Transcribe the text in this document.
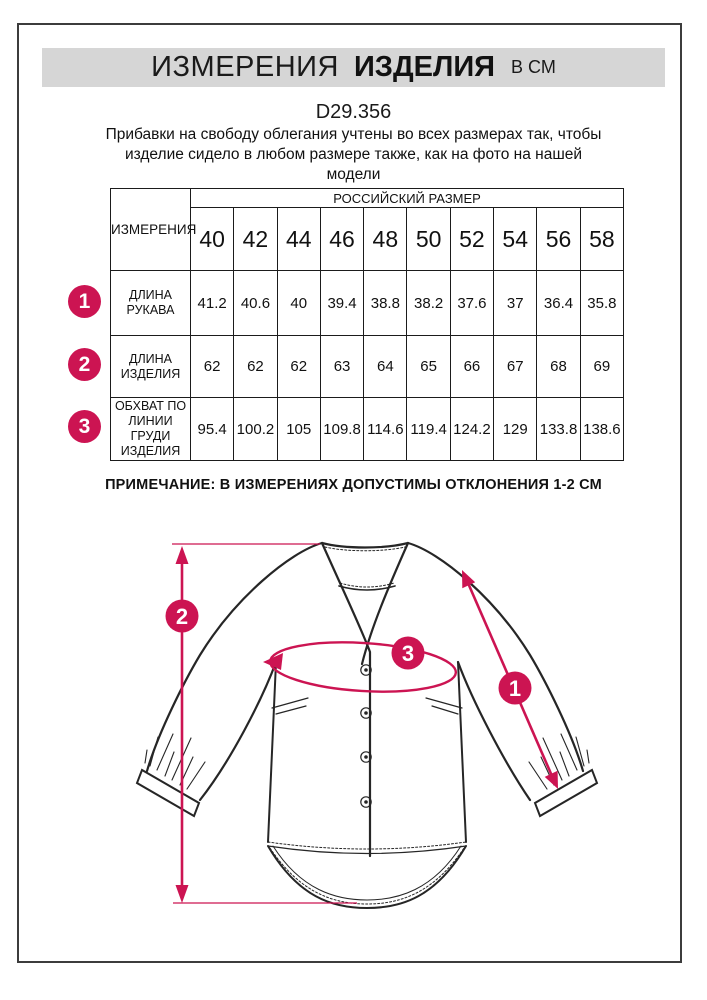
ИЗМЕРЕНИЯ ИЗДЕЛИЯ В СМ
D29.356
Прибавки на свободу облегания учтены во всех размерах так, чтобы
изделие сидело в любом размере также, как на фото на нашей
модели
ИЗМЕРЕНИЯ	РОССИЙСКИЙ РАЗМЕР									
	40	42	44	46	48	50	52	54	56	58
ДЛИНА РУКАВА	41.2	40.6	40	39.4	38.8	38.2	37.6	37	36.4	35.8
ДЛИНА ИЗДЕЛИЯ	62	62	62	63	64	65	66	67	68	69
ОБХВАТ ПО ЛИНИИ ГРУДИ ИЗДЕЛИЯ	95.4	100.2	105	109.8	114.6	119.4	124.2	129	133.8	138.6
1
2
3
ПРИМЕЧАНИЕ: В ИЗМЕРЕНИЯХ ДОПУСТИМЫ ОТКЛОНЕНИЯ 1-2 СМ
2
1
3
